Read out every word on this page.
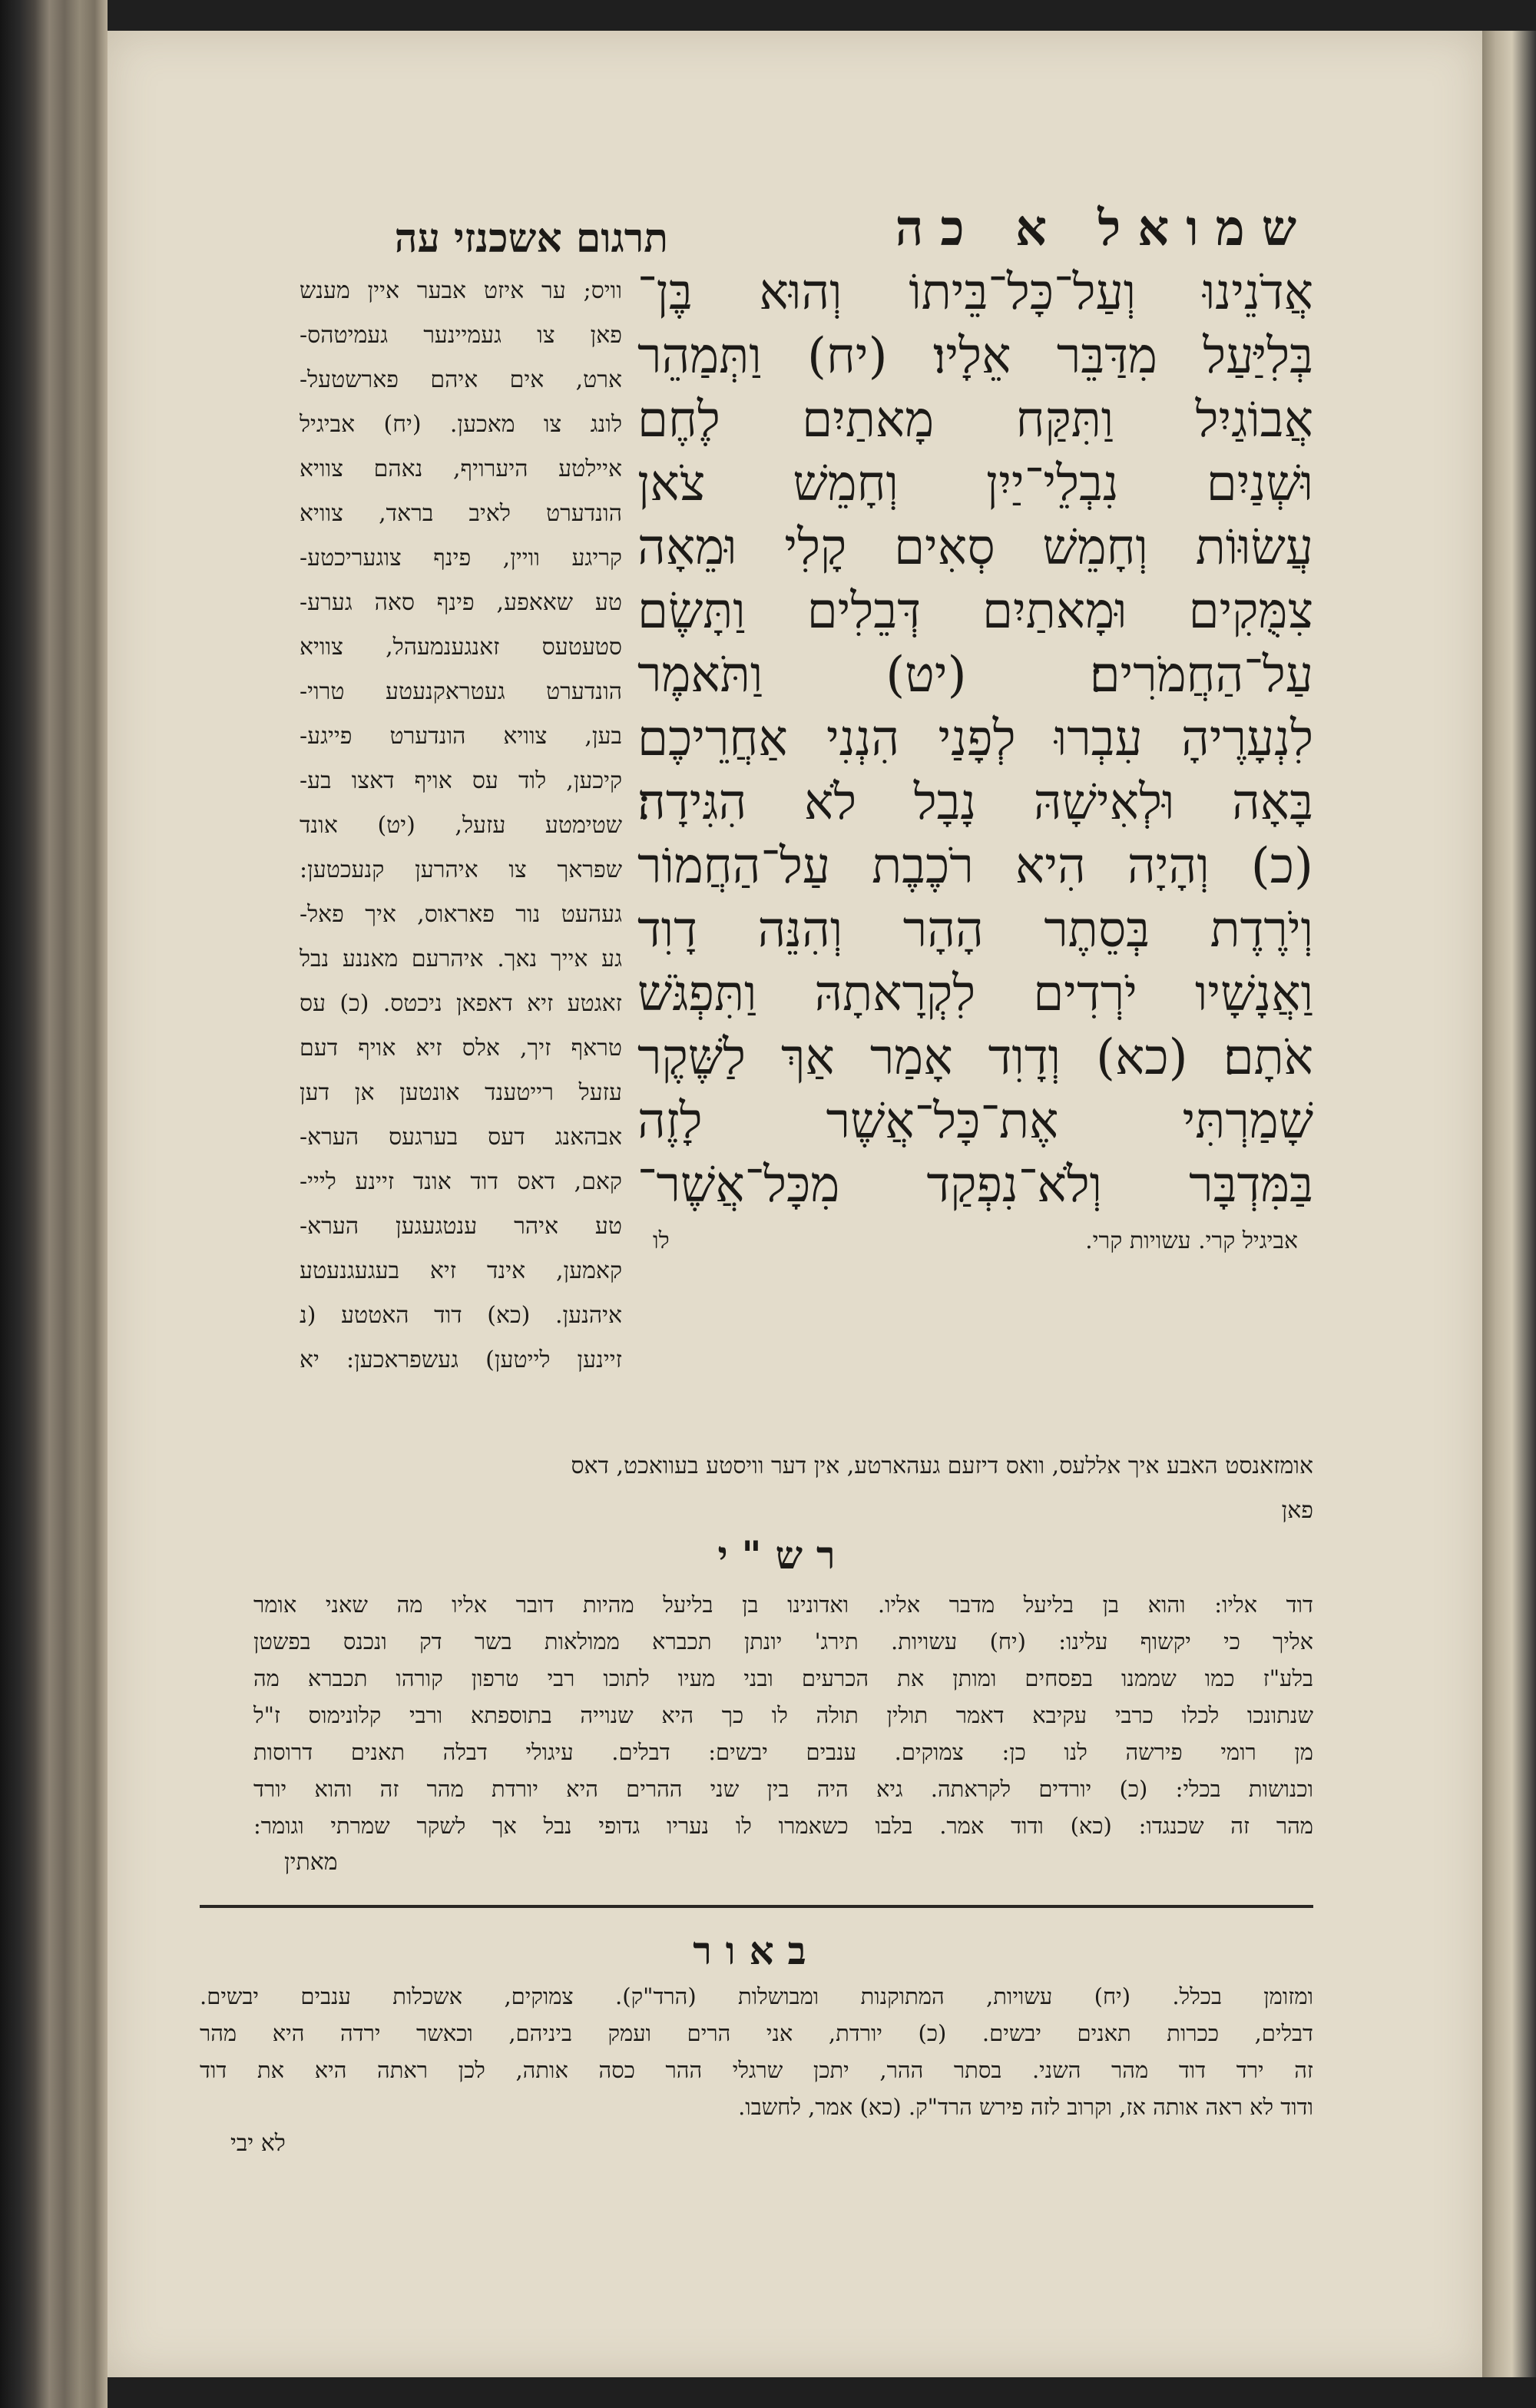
שמואל א כה
תרגום אשכנזי עה
אֲדֹנֵינוּ וְעַל־כָּל־בֵּיתוֹ וְהוּא בֶּן־
בְּלִיַּעַל מִדַּבֵּר אֵלָיו׃ (יח) וַתְּמַהֵר
אֲבוֹגַיִל וַתִּקַּח מָאתַיִם לֶחֶם
וּשְׁנַיִם נִבְלֵי־יַיִן וְחָמֵשׁ צֹאן
עֲשׂוּוֹת וְחָמֵשׁ סְאִים קָלִי וּמֵאָה
צִמֻּקִים וּמָאתַיִם דְּבֵלִים וַתָּשֶׂם
עַל־הַחֲמֹרִים׃ (יט) וַתֹּאמֶר
לִנְעָרֶיהָ עִבְרוּ לְפָנַי הִנְנִי אַחֲרֵיכֶם
בָּאָה וּלְאִישָׁהּ נָבָל לֹא הִגִּידָה׃
(כ) וְהָיָה הִיא רֹכֶבֶת עַל־הַחֲמוֹר
וְיֹרֶדֶת בְּסֵתֶר הָהָר וְהִנֵּה דָוִד
וַאֲנָשָׁיו יֹרְדִים לִקְרָאתָהּ וַתִּפְגֹּשׁ
אֹתָם׃ (כא) וְדָוִד אָמַר אַךְ לַשֶּׁקֶר
שָׁמַרְתִּי אֶת־כָּל־אֲשֶׁר לָזֶה
בַּמִּדְבָּר וְלֹא־נִפְקַד מִכָּל־אֲשֶׁר־
אביגיל קרי. עשויות קרי.
לו
וויס; ער איזט אבער איין מענש
פאן צו געמיינער געמיטהס-
ארט, אים איהם פארשטעל-
לונג צו מאכען. (יח) אביגיל
איילטע היערויף, נאהם צוויא
הונדערט לאיב בראד, צוויא
קריגע וויין, פינף צוגעריכטע-
טע שאאפע, פינף סאה גערע-
סטעטעס זאנגענמעהל, צוויא
הונדערט געטראקנעטע טרוי-
בען, צוויא הונדערט פייגע-
קיכען, לוד עס אויף דאצו בע-
שטימטע עזעל, (יט) אונד
שפראך צו איהרען קנעכטען:
געהעט נור פאראוס, איך פאל-
גע אייך נאך. איהרעם מאננע נבל
זאגטע זיא דאפאן ניכטס. (כ) עס
טראף זיך, אלס זיא אויף דעם
עזעל רייטענד אונטען אן דען
אבהאנג דעס בערגעס הערא-
קאם, דאס דוד אונד זיינע לייי-
טע איהר ענטגעגען הערא-
קאמען, אינד זיא בעגעגנעטע
איהנען. (כא) דוד האטטע (נ
זיינען לייטען) געשפראכען: יא
אומזאנסט האבע איך אללעס, וואס דיזעם געהארטע, אין דער וויסטע בעוואכט, דאס
פאן
רש"י
דוד אליו: והוא בן בליעל מדבר אליו. ואדונינו בן בליעל מהיות דובר אליו מה שאני אומר
אליך כי יקשוף עלינו: (יח) עשויות. תירג' יונתן תכברא ממולאות בשר דק ונכנס בפשטן
בלע"ז כמו שממנו בפסחים ומותן את הכרעים ובני מעיו לתוכו רבי טרפון קורהו תכברא מה
שנתונכו לכלו כרבי עקיבא דאמר תולין תולה לו כך היא שנוייה בתוספתא ורבי קלונימוס ז"ל
מן רומי פירשה לנו כן: צמוקים. ענבים יבשים: דבלים. עיגולי דבלה תאנים דרוסות
וכנושות בכלי: (כ) יורדים לקראתה. גיא היה בין שני ההרים היא יורדת מהר זה והוא יורד
מהר זה שכנגדו: (כא) ודוד אמר. בלבו כשאמרו לו נעריו גדופי נבל אך לשקר שמרתי וגומר:
מאתין
באור
ומזומן בכלל. (יח) עשויות, המתוקנות ומבושלות (הרד"ק). צמוקים, אשכלות ענבים יבשים.
דבלים, ככרות תאנים יבשים. (כ) יורדת, אני הרים ועמק ביניהם, וכאשר ירדה היא מהר
זה ירד דוד מהר השני. בסתר ההר, יתכן שרגלי ההר כסה אותה, לכן ראתה היא את דוד
ודוד לא ראה אותה אז, וקרוב לזה פירש הרד"ק. (כא) אמר, לחשבו.
לא יבי
